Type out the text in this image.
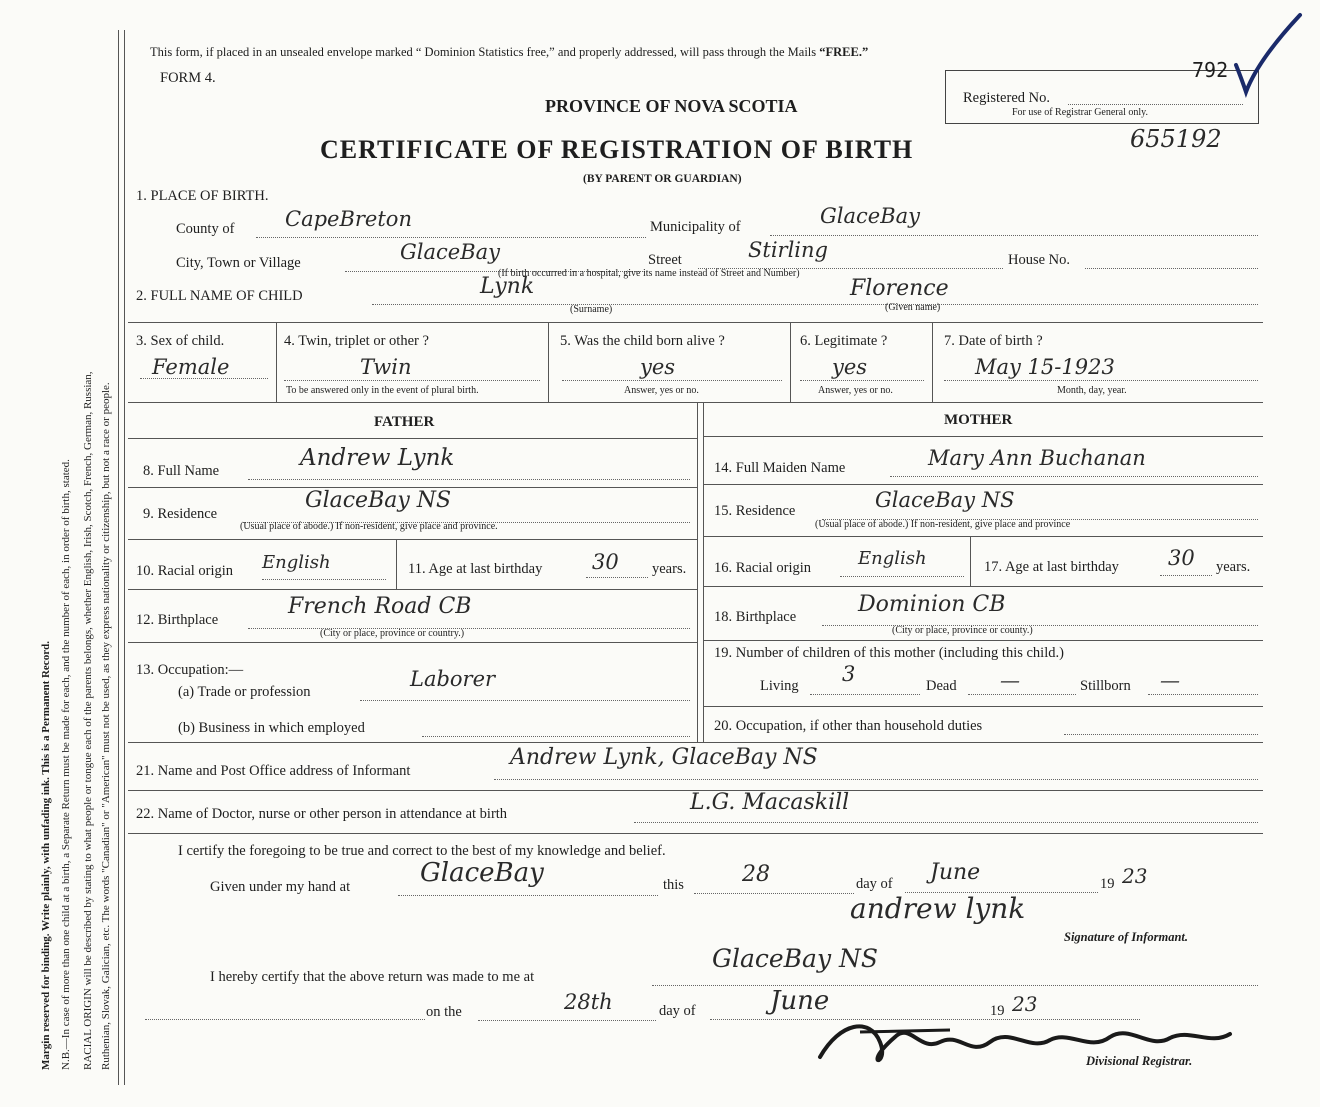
Margin reserved for binding. Write plainly, with unfading ink. This is a Permanent Record. N.B.—In case of more than one child at a birth, a Separate Return must be made for each, and the number of each, in order of birth, stated. RACIAL ORIGIN will be described by stating to what people or tongue each of the parents belongs, whether English, Irish, Scotch, French, German, Russian, Ruthenian, Slovak, Galician, etc. The words "Canadian" or "American" must not be used, as they express nationality or citizenship, but not a race or people.
This form, if placed in an unsealed envelope marked “ Dominion Statistics free,” and properly addressed, will pass through the Mails “FREE.”
FORM 4.
PROVINCE OF NOVA SCOTIA
CERTIFICATE OF REGISTRATION OF BIRTH
(BY PARENT OR GUARDIAN)
Registered No.
For use of Registrar General only.
792
655192
1. PLACE OF BIRTH.
County of CapeBreton	Municipality of	GlaceBay
City, Town or Village	GlaceBay	Street	Stirling
(If birth occurred in a hospital, give its name instead of Street and Number)
House No.
2. FULL NAME OF CHILD	Lynk
(Surname)
Florence
(Given name)
3. Sex of child.
Female
4. Twin, triplet or other ?
Twin
To be answered only in the event of plural birth.
5. Was the child born alive ?
yes
Answer, yes or no.
6. Legitimate ?
yes
Answer, yes or no.
7. Date of birth ?
May 15-1923
Month, day, year.
FATHER	MOTHER
8. Full Name	Andrew Lynk	14. Full Maiden Name	Mary Ann Buchanan
9. Residence
GlaceBay NS
(Usual place of abode.) If non-resident, give place and province.
15. Residence	GlaceBay NS
(Usual place of abode.) If non-resident, give place and province
10. Racial origin English	11. Age at last birthday 30 years. 16. Racial origin	English	17. Age at last birthday 30 years.
12. Birthplace
French Road CB
(City or place, province or country.)
18. Birthplace	Dominion CB
(City or place, province or county.)
13. Occupation:—
(a) Trade or profession
Laborer
(b) Business in which employed
19. Number of children of this mother (including this child.)
Living 3	Dead —	Stillborn —
20. Occupation, if other than household duties
21. Name and Post Office address of Informant
Andrew Lynk, GlaceBay NS
22. Name of Doctor, nurse or other person in attendance at birth	L.G. Macaskill
I certify the foregoing to be true and correct to the best of my knowledge and belief.
Given under my hand at	GlaceBay	this	28	day of June	19 23
andrew lynk
Signature of Informant.
I hereby certify that the above return was made to me at
GlaceBay NS
on the	28th	day of	June	19 23
Divisional Registrar.
